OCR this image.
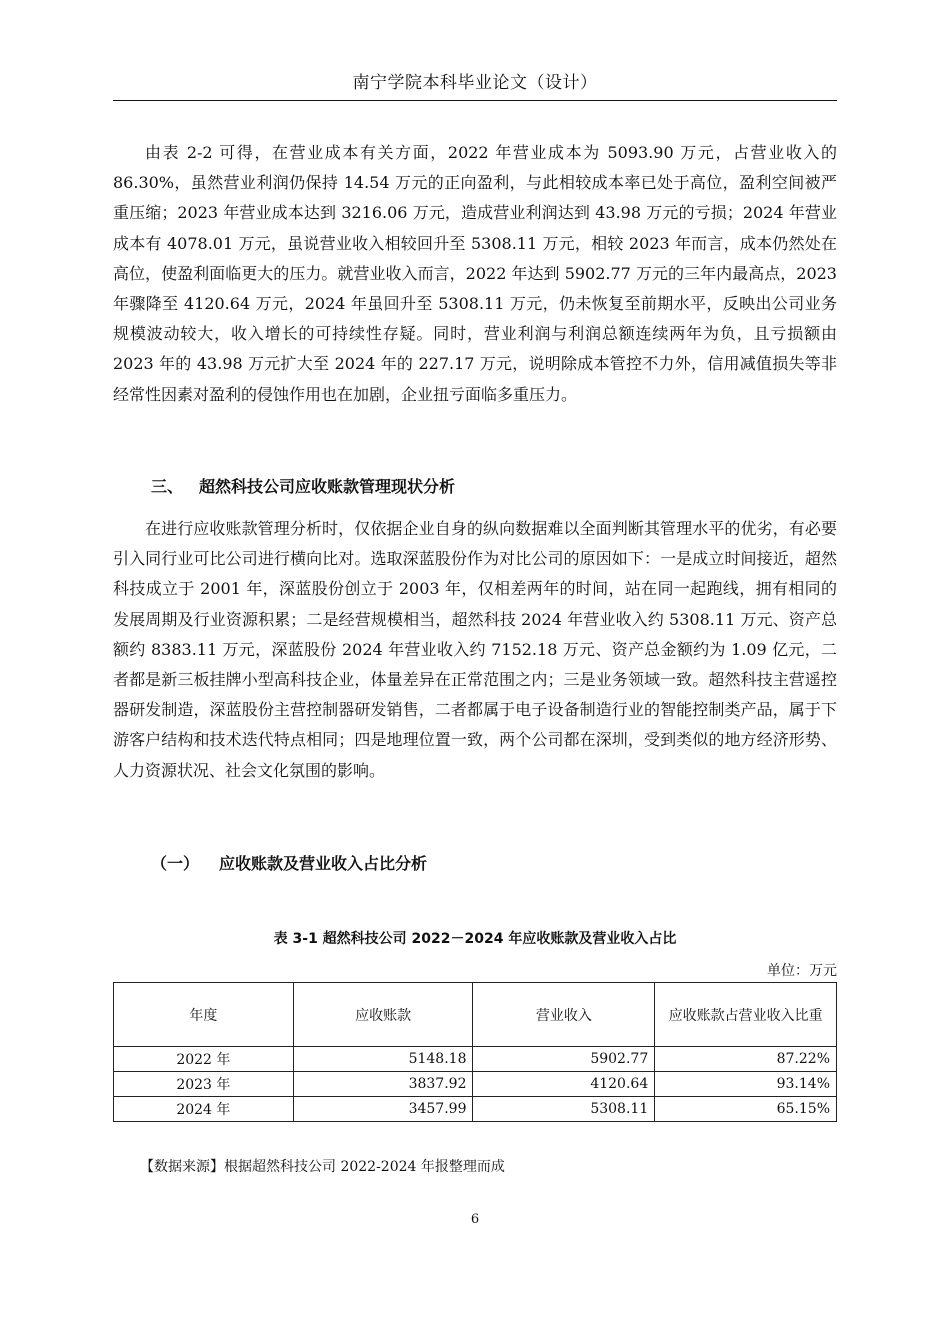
南宁学院本科毕业论文（设计）

由表 2-2 可得，在营业成本有关方面，2022 年营业成本为 5093.90 万元，占营业收入的 86.30%，虽然营业利润仍保持 14.54 万元的正向盈利，与此相较成本率已处于高位，盈利空间被严重压缩；2023 年营业成本达到 3216.06 万元，造成营业利润达到 43.98 万元的亏损；2024 年营业成本有 4078.01 万元，虽说营业收入相较回升至 5308.11 万元，相较 2023 年而言，成本仍然处在高位，使盈利面临更大的压力。就营业收入而言，2022 年达到 5902.77 万元的三年内最高点，2023 年骤降至 4120.64 万元，2024 年虽回升至 5308.11 万元，仍未恢复至前期水平，反映出公司业务规模波动较大，收入增长的可持续性存疑。同时，营业利润与利润总额连续两年为负，且亏损额由 2023 年的 43.98 万元扩大至 2024 年的 227.17 万元，说明除成本管控不力外，信用减值损失等非经常性因素对盈利的侵蚀作用也在加剧，企业扭亏面临多重压力。

三、 超然科技公司应收账款管理现状分析

在进行应收账款管理分析时，仅依据企业自身的纵向数据难以全面判断其管理水平的优劣，有必要引入同行业可比公司进行横向比对。选取深蓝股份作为对比公司的原因如下：一是成立时间接近，超然科技成立于 2001 年，深蓝股份创立于 2003 年，仅相差两年的时间，站在同一起跑线，拥有相同的发展周期及行业资源积累；二是经营规模相当，超然科技 2024 年营业收入约 5308.11 万元、资产总额约 8383.11 万元，深蓝股份 2024 年营业收入约 7152.18 万元、资产总金额约为 1.09 亿元，二者都是新三板挂牌小型高科技企业，体量差异在正常范围之内；三是业务领域一致。超然科技主营遥控器研发制造，深蓝股份主营控制器研发销售，二者都属于电子设备制造行业的智能控制类产品，属于下游客户结构和技术迭代特点相同；四是地理位置一致，两个公司都在深圳，受到类似的地方经济形势、人力资源状况、社会文化氛围的影响。

（一） 应收账款及营业收入占比分析
表 3-1 超然科技公司 2022－2024 年应收账款及营业收入占比
单位：万元
年度	应收账款	营业收入	应收账款占营业收入比重
2022 年	5148.18	5902.77	87.22%
2023 年	3837.92	4120.64	93.14%
2024 年	3457.99	5308.11	65.15%
【数据来源】根据超然科技公司 2022-2024 年报整理而成
6
